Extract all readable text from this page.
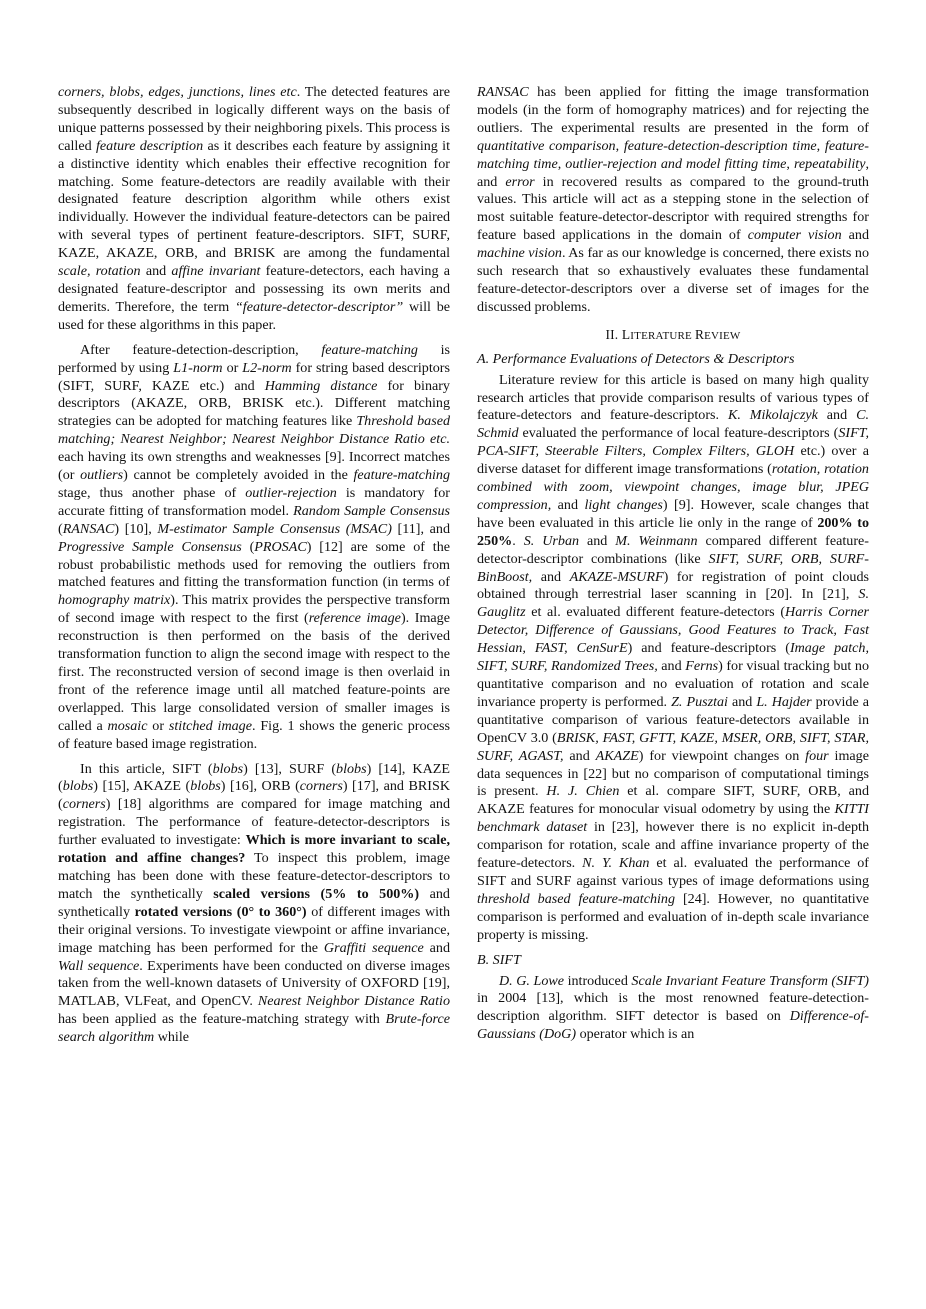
corners, blobs, edges, junctions, lines etc. The detected features are subsequently described in logically different ways on the basis of unique patterns possessed by their neighboring pixels. This process is called feature description as it describes each feature by assigning it a distinctive identity which enables their effective recognition for matching. Some feature-detectors are readily available with their designated feature description algorithm while others exist individually. However the individual feature-detectors can be paired with several types of pertinent feature-descriptors. SIFT, SURF, KAZE, AKAZE, ORB, and BRISK are among the fundamental scale, rotation and affine invariant feature-detectors, each having a designated feature-descriptor and possessing its own merits and demerits. Therefore, the term “feature-detector-descriptor” will be used for these algorithms in this paper.

After feature-detection-description, feature-matching is performed by using L1-norm or L2-norm for string based descriptors (SIFT, SURF, KAZE etc.) and Hamming distance for binary descriptors (AKAZE, ORB, BRISK etc.). Different matching strategies can be adopted for matching features like Threshold based matching; Nearest Neighbor; Nearest Neighbor Distance Ratio etc. each having its own strengths and weaknesses [9]. Incorrect matches (or outliers) cannot be completely avoided in the feature-matching stage, thus another phase of outlier-rejection is mandatory for accurate fitting of transformation model. Random Sample Consensus (RANSAC) [10], M-estimator Sample Consensus (MSAC) [11], and Progressive Sample Consensus (PROSAC) [12] are some of the robust probabilistic methods used for removing the outliers from matched features and fitting the transformation function (in terms of homography matrix). This matrix provides the perspective transform of second image with respect to the first (reference image). Image reconstruction is then performed on the basis of the derived transformation function to align the second image with respect to the first. The reconstructed version of second image is then overlaid in front of the reference image until all matched feature-points are overlapped. This large consolidated version of smaller images is called a mosaic or stitched image. Fig. 1 shows the generic process of feature based image registration.

In this article, SIFT (blobs) [13], SURF (blobs) [14], KAZE (blobs) [15], AKAZE (blobs) [16], ORB (corners) [17], and BRISK (corners) [18] algorithms are compared for image matching and registration. The performance of feature-detector-descriptors is further evaluated to investigate: Which is more invariant to scale, rotation and affine changes? To inspect this problem, image matching has been done with these feature-detector-descriptors to match the synthetically scaled versions (5% to 500%) and synthetically rotated versions (0° to 360°) of different images with their original versions. To investigate viewpoint or affine invariance, image matching has been performed for the Graffiti sequence and Wall sequence. Experiments have been conducted on diverse images taken from the well-known datasets of University of OXFORD [19], MATLAB, VLFeat, and OpenCV. Nearest Neighbor Distance Ratio has been applied as the feature-matching strategy with Brute-force search algorithm while

RANSAC has been applied for fitting the image transformation models (in the form of homography matrices) and for rejecting the outliers. The experimental results are presented in the form of quantitative comparison, feature-detection-description time, feature-matching time, outlier-rejection and model fitting time, repeatability, and error in recovered results as compared to the ground-truth values. This article will act as a stepping stone in the selection of most suitable feature-detector-descriptor with required strengths for feature based applications in the domain of computer vision and machine vision. As far as our knowledge is concerned, there exists no such research that so exhaustively evaluates these fundamental feature-detector-descriptors over a diverse set of images for the discussed problems.

II. LITERATURE REVIEW
A. Performance Evaluations of Detectors & Descriptors

Literature review for this article is based on many high quality research articles that provide comparison results of various types of feature-detectors and feature-descriptors. K. Mikolajczyk and C. Schmid evaluated the performance of local feature-descriptors (SIFT, PCA-SIFT, Steerable Filters, Complex Filters, GLOH etc.) over a diverse dataset for different image transformations (rotation, rotation combined with zoom, viewpoint changes, image blur, JPEG compression, and light changes) [9]. However, scale changes that have been evaluated in this article lie only in the range of 200% to 250%. S. Urban and M. Weinmann compared different feature-detector-descriptor combinations (like SIFT, SURF, ORB, SURF-BinBoost, and AKAZE-MSURF) for registration of point clouds obtained through terrestrial laser scanning in [20]. In [21], S. Gauglitz et al. evaluated different feature-detectors (Harris Corner Detector, Difference of Gaussians, Good Features to Track, Fast Hessian, FAST, CenSurE) and feature-descriptors (Image patch, SIFT, SURF, Randomized Trees, and Ferns) for visual tracking but no quantitative comparison and no evaluation of rotation and scale invariance property is performed. Z. Pusztai and L. Hajder provide a quantitative comparison of various feature-detectors available in OpenCV 3.0 (BRISK, FAST, GFTT, KAZE, MSER, ORB, SIFT, STAR, SURF, AGAST, and AKAZE) for viewpoint changes on four image data sequences in [22] but no comparison of computational timings is present. H. J. Chien et al. compare SIFT, SURF, ORB, and AKAZE features for monocular visual odometry by using the KITTI benchmark dataset in [23], however there is no explicit in-depth comparison for rotation, scale and affine invariance property of the feature-detectors. N. Y. Khan et al. evaluated the performance of SIFT and SURF against various types of image deformations using threshold based feature-matching [24]. However, no quantitative comparison is performed and evaluation of in-depth scale invariance property is missing.

B. SIFT

D. G. Lowe introduced Scale Invariant Feature Transform (SIFT) in 2004 [13], which is the most renowned feature-detection-description algorithm. SIFT detector is based on Difference-of-Gaussians (DoG) operator which is an
